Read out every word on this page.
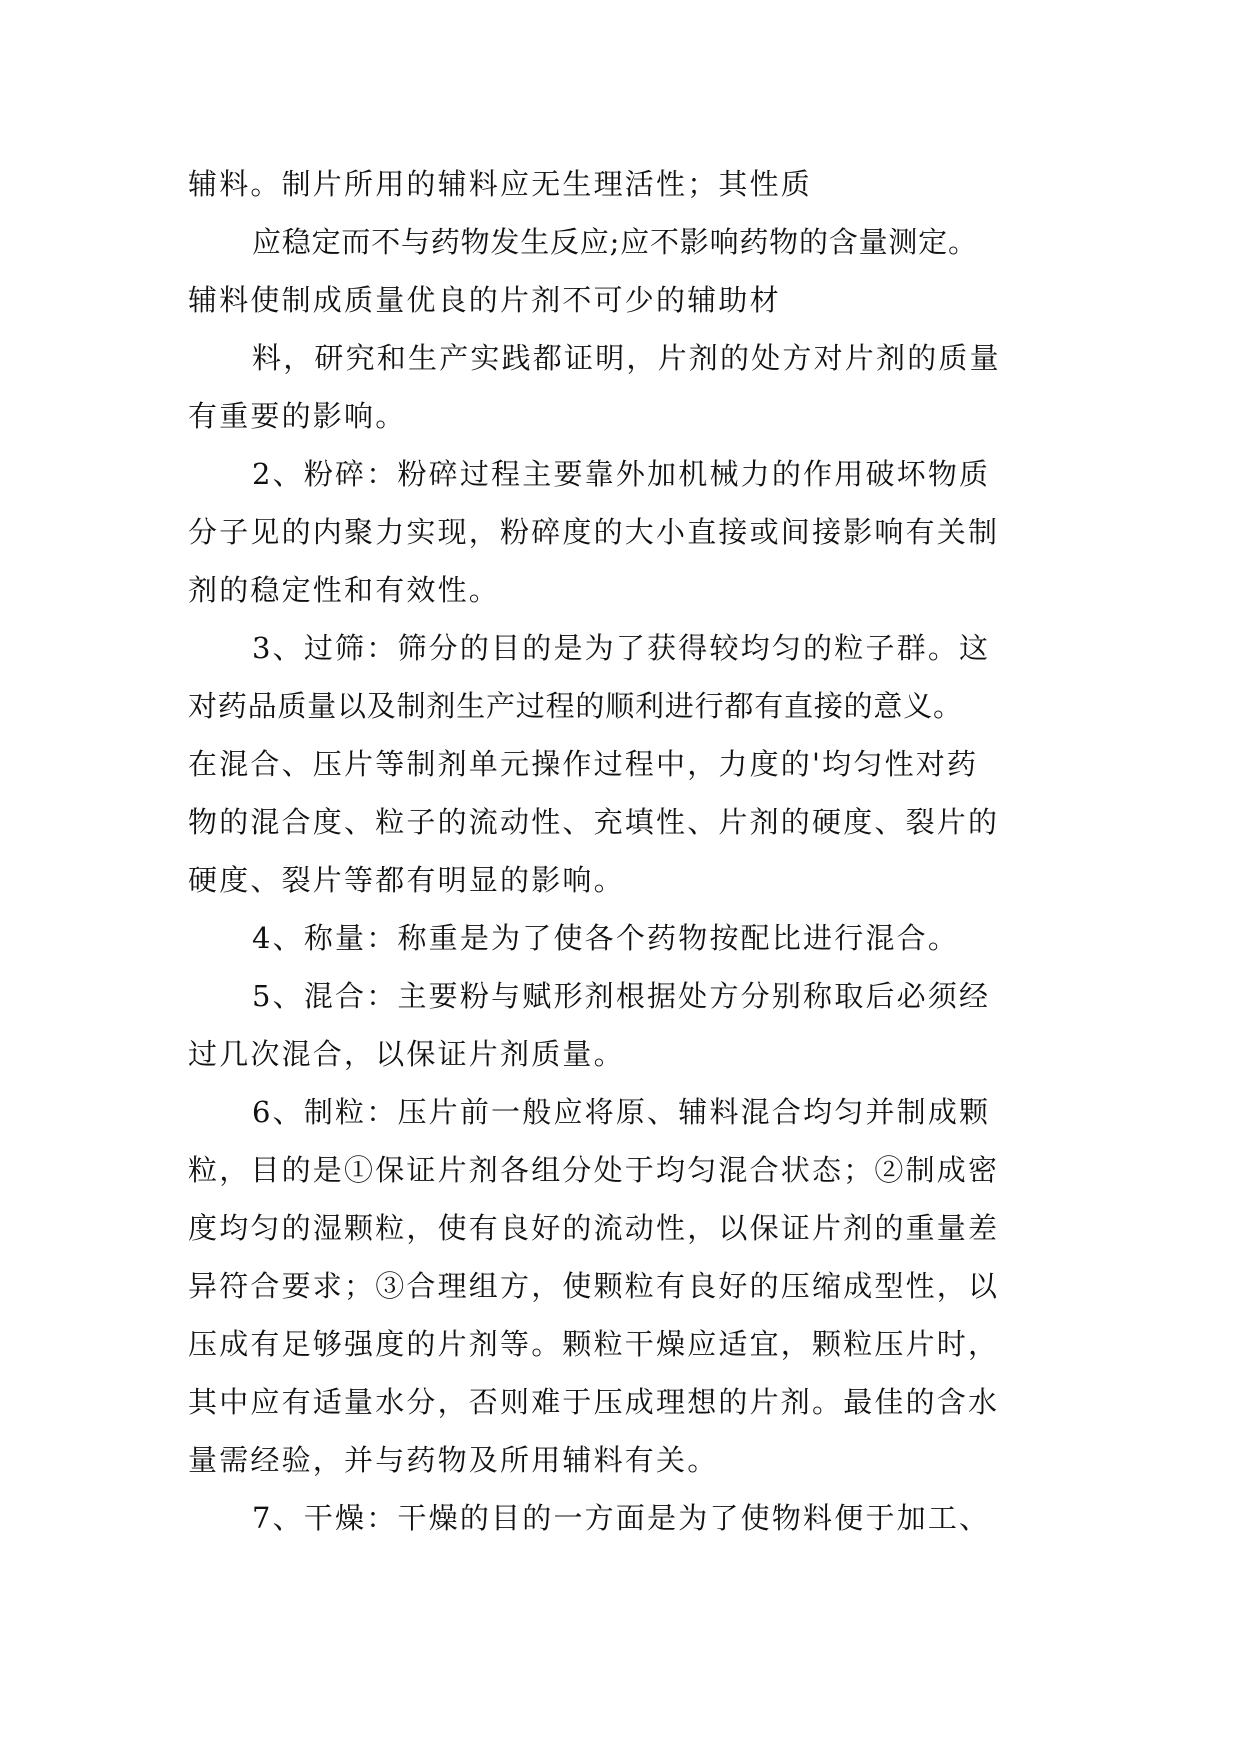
辅料。制片所用的辅料应无生理活性；其性质

应稳定而不与药物发生反应;应不影响药物的含量测定。

辅料使制成质量优良的片剂不可少的辅助材

料，研究和生产实践都证明，片剂的处方对片剂的质量

有重要的影响。

2、粉碎：粉碎过程主要靠外加机械力的作用破坏物质

分子见的内聚力实现，粉碎度的大小直接或间接影响有关制

剂的稳定性和有效性。

3、过筛：筛分的目的是为了获得较均匀的粒子群。这

对药品质量以及制剂生产过程的顺利进行都有直接的意义。

在混合、压片等制剂单元操作过程中，力度的'均匀性对药

物的混合度、粒子的流动性、充填性、片剂的硬度、裂片的

硬度、裂片等都有明显的影响。

4、称量：称重是为了使各个药物按配比进行混合。

5、混合：主要粉与赋形剂根据处方分别称取后必须经

过几次混合，以保证片剂质量。

6、制粒：压片前一般应将原、辅料混合均匀并制成颗

粒，目的是①保证片剂各组分处于均匀混合状态；②制成密

度均匀的湿颗粒，使有良好的流动性，以保证片剂的重量差

异符合要求；③合理组方，使颗粒有良好的压缩成型性，以

压成有足够强度的片剂等。颗粒干燥应适宜，颗粒压片时，

其中应有适量水分，否则难于压成理想的片剂。最佳的含水

量需经验，并与药物及所用辅料有关。

7、干燥：干燥的目的一方面是为了使物料便于加工、
